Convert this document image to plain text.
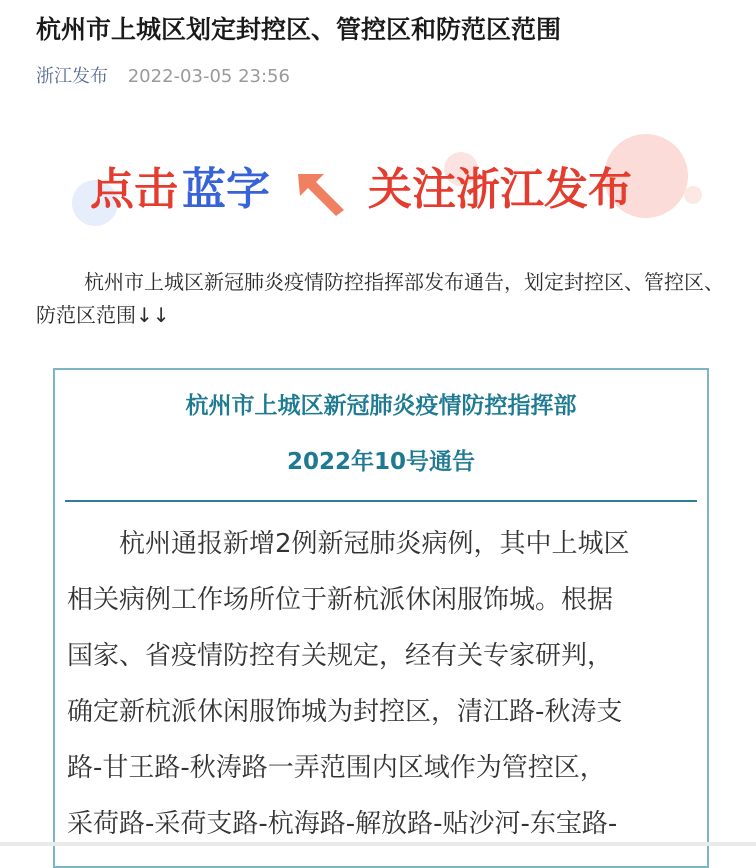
杭州市上城区划定封控区、管控区和防范区范围
浙江发布 2022-03-05 23:56
点击 蓝字 关注浙江发布
杭州市上城区新冠肺炎疫情防控指挥部发布通告，划定封控区、管控区、防范区范围↓↓
杭州市上城区新冠肺炎疫情防控指挥部
2022年10号通告
杭州通报新增2例新冠肺炎病例，其中上城区
相关病例工作场所位于新杭派休闲服饰城。根据
国家、省疫情防控有关规定，经有关专家研判，
确定新杭派休闲服饰城为封控区，清江路-秋涛支
路-甘王路-秋涛路一弄范围内区域作为管控区，
采荷路-采荷支路-杭海路-解放路-贴沙河-东宝路-
